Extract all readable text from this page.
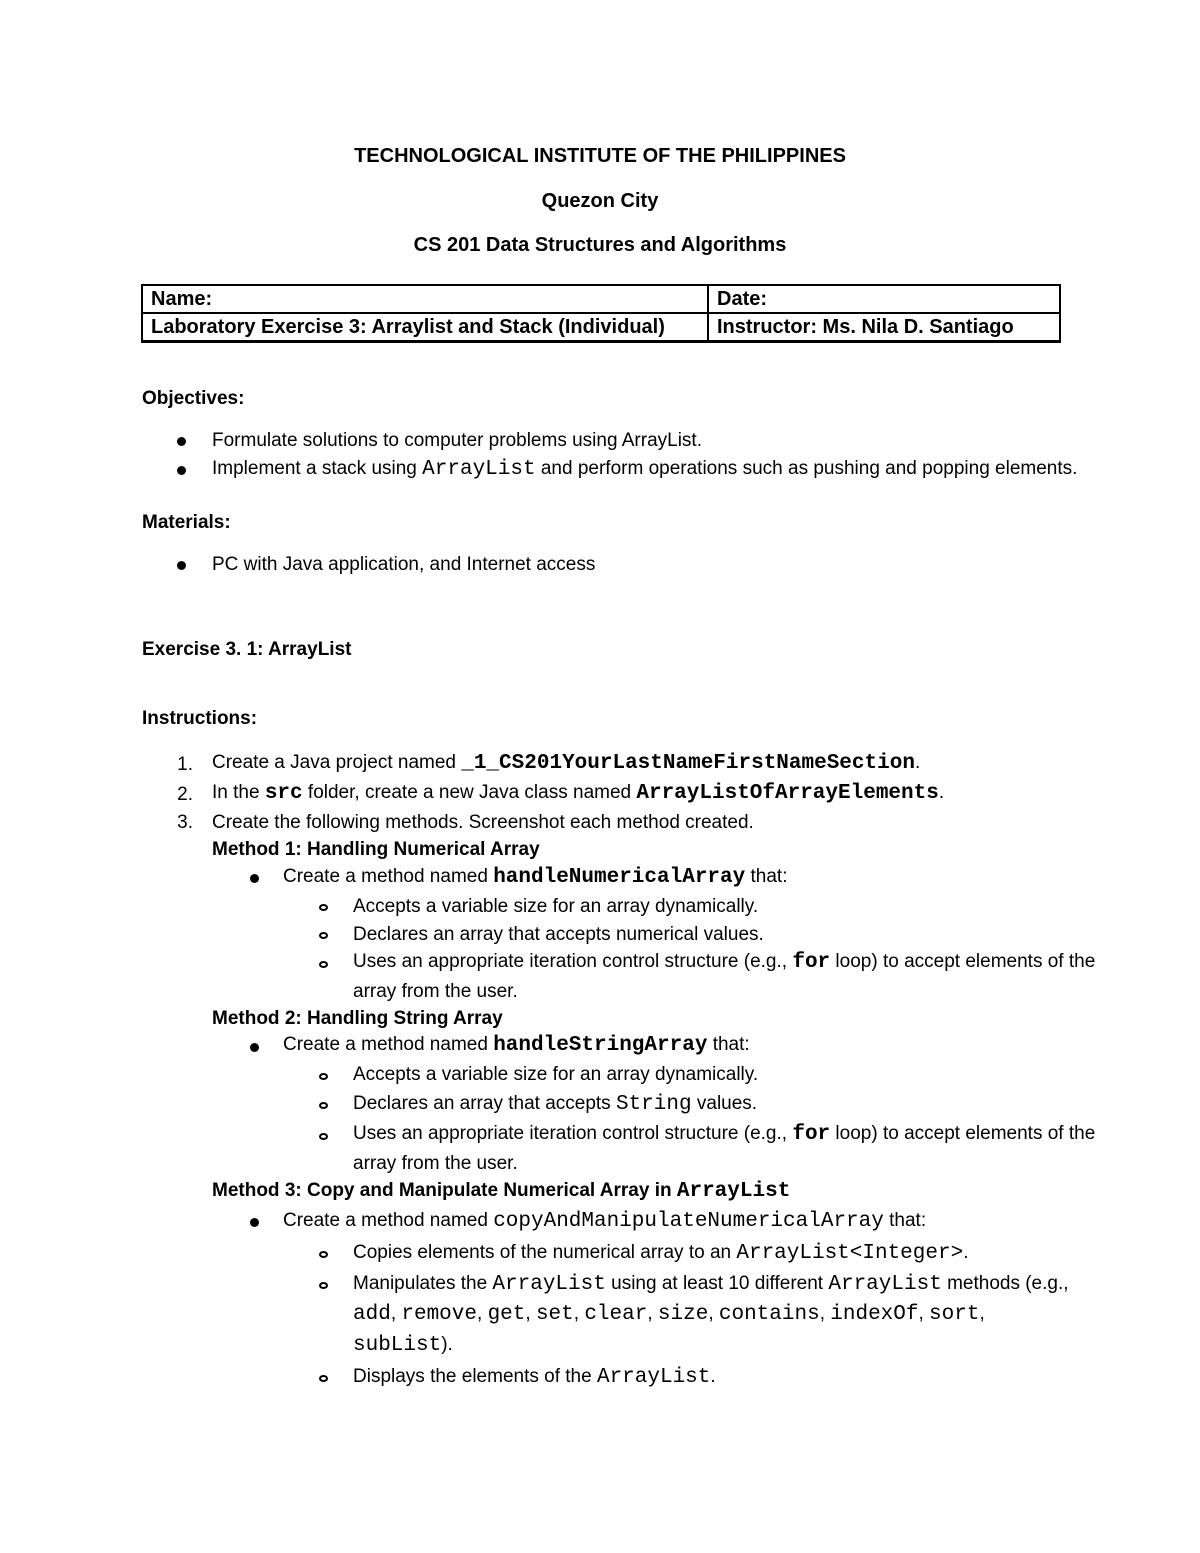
TECHNOLOGICAL INSTITUTE OF THE PHILIPPINES
Quezon City
CS 201 Data Structures and Algorithms
Name:	Date:
Laboratory Exercise 3: Arraylist and Stack (Individual)	Instructor: Ms. Nila D. Santiago
Objectives:
Formulate solutions to computer problems using ArrayList.
Implement a stack using ArrayList and perform operations such as pushing and popping elements.
Materials:
PC with Java application, and Internet access
Exercise 3. 1: ArrayList
Instructions:
1. Create a Java project named _1_CS201YourLastNameFirstNameSection.
2. In the src folder, create a new Java class named ArrayListOfArrayElements.
3. Create the following methods. Screenshot each method created.
Method 1: Handling Numerical Array
Create a method named handleNumericalArray that:
Accepts a variable size for an array dynamically.
Declares an array that accepts numerical values.
Uses an appropriate iteration control structure (e.g., for loop) to accept elements of the
array from the user.
Method 2: Handling String Array
Create a method named handleStringArray that:
Accepts a variable size for an array dynamically.
Declares an array that accepts String values.
Uses an appropriate iteration control structure (e.g., for loop) to accept elements of the
array from the user.
Method 3: Copy and Manipulate Numerical Array in ArrayList
Create a method named copyAndManipulateNumericalArray that:
Copies elements of the numerical array to an ArrayList<Integer>.
Manipulates the ArrayList using at least 10 different ArrayList methods (e.g.,
add, remove, get, set, clear, size, contains, indexOf, sort,
subList).
Displays the elements of the ArrayList.
